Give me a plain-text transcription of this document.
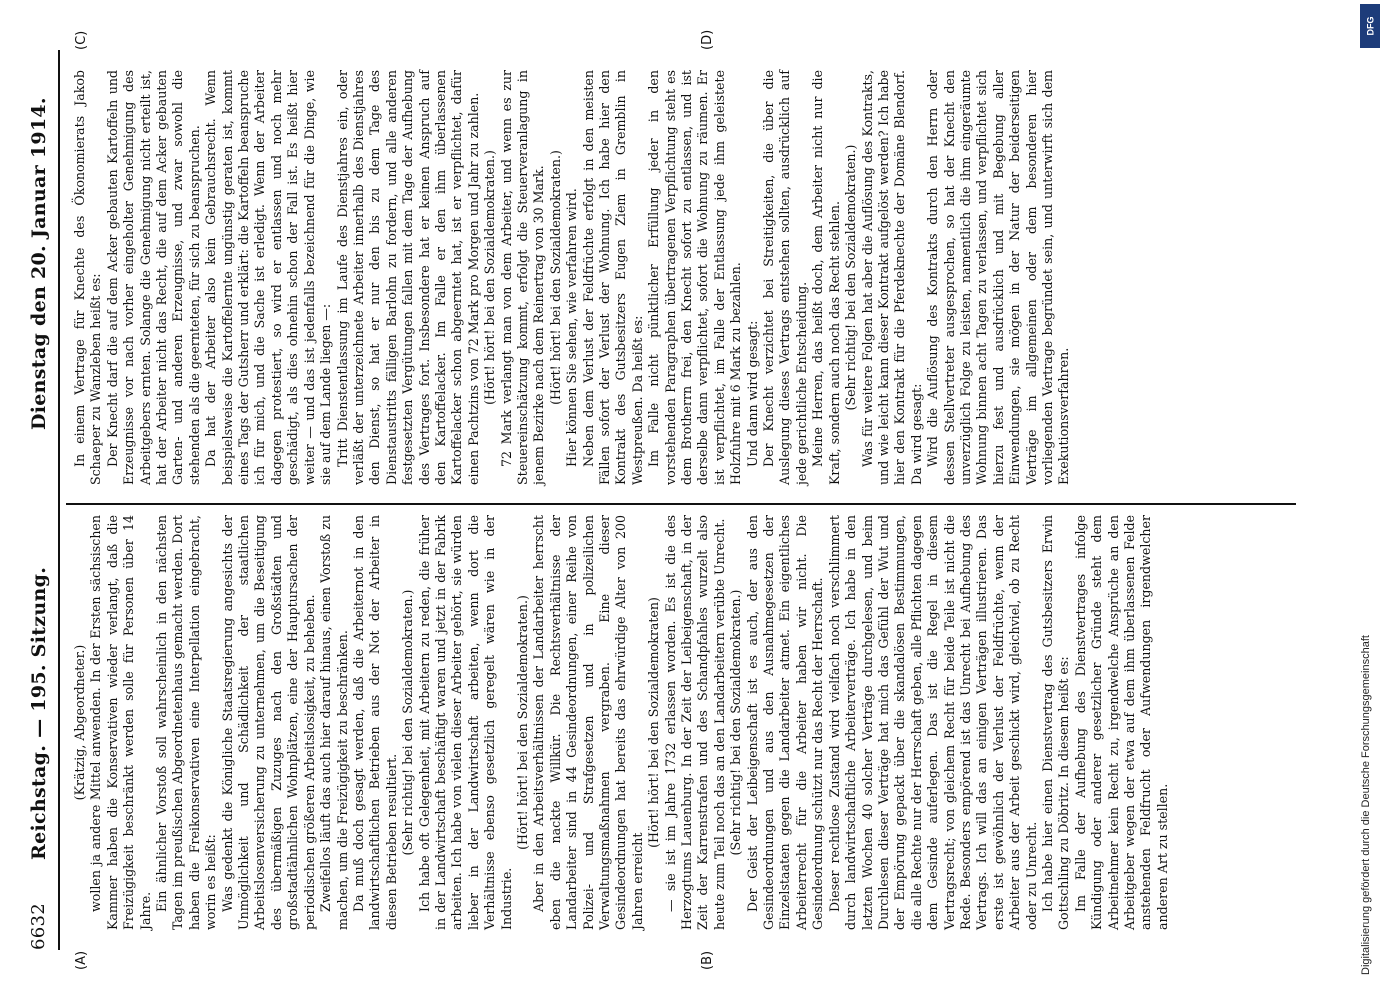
6632
Reichstag. — 195. Sitzung.
Dienstag den 20. Januar 1914.
(A)	(B)
(C)	(D)

(Krätzig, Abgeordneter.) wollen ja andere Mittel anwenden. In der Ersten sächsischen Kammer haben die Konservativen wieder verlangt, daß die Freizügigkeit beschränkt werden solle für Personen über 14 Jahre. Ein ähnlicher Vorstoß soll wahrscheinlich in den nächsten Tagen im preußischen Abgeordnetenhaus gemacht werden. Dort haben die Freikonservativen eine Interpellation eingebracht, worin es heißt: Was gedenkt die Königliche Staatsregierung angesichts der Unmöglichkeit und Schädlichkeit der staatlichen Arbeitslosenversicherung zu unternehmen, um die Beseitigung des übermäßigen Zuzuges nach den Großstädten und großstadtähnlichen Wohnplätzen, eine der Hauptursachen der periodischen größeren Arbeitslosigkeit, zu beheben. Zweifellos läuft das auch hier darauf hinaus, einen Vorstoß zu machen, um die Freizügigkeit zu beschränken. Da muß doch gesagt werden, daß die Arbeiternot in den landwirtschaftlichen Betrieben aus der Not der Arbeiter in diesen Betrieben resultiert. (Sehr richtig! bei den Sozialdemokraten.) Ich habe oft Gelegenheit, mit Arbeitern zu reden, die früher in der Landwirtschaft beschäftigt waren und jetzt in der Fabrik arbeiten. Ich habe von vielen dieser Arbeiter gehört, sie würden lieber in der Landwirtschaft arbeiten, wenn dort die Verhältnisse ebenso gesetzlich geregelt wären wie in der Industrie.

(Hört! hört! bei den Sozialdemokraten.) Aber in den Arbeitsverhältnissen der Landarbeiter herrscht eben die nackte Willkür. Die Rechtsverhältnisse der Landarbeiter sind in 44 Gesindeordnungen, einer Reihe von Polizei- und Strafgesetzen und in polizeilichen Verwaltungsmaßnahmen vergraben. Eine dieser Gesindeordnungen hat bereits das ehrwürdige Alter von 200 Jahren erreicht

(Hört! hört! bei den Sozialdemokraten) — sie ist im Jahre 1732 erlassen worden. Es ist die des Herzogtums Lauenburg. In der Zeit der Leibeigenschaft, in der Zeit der Karrenstrafen und des Schandpfahles wurzelt also heute zum Teil noch das an den Landarbeitern verübte Unrecht. (Sehr richtig! bei den Sozialdemokraten.) Der Geist der Leibeigenschaft ist es auch, der aus den Gesindeordnungen und aus den Ausnahmegesetzen der Einzelstaaten gegen die Landarbeiter atmet. Ein eigentliches Arbeiterrecht für die Arbeiter haben wir nicht. Die Gesindeordnung schützt nur das Recht der Herrschaft. Dieser rechtlose Zustand wird vielfach noch verschlimmert durch landwirtschaftliche Arbeiterverträge. Ich habe in den letzten Wochen 40 solcher Verträge durchgelesen, und beim Durchlesen dieser Verträge hat mich das Gefühl der Wut und der Empörung gepackt über die skandalösen Bestimmungen, die alle Rechte nur der Herrschaft geben, alle Pflichten dagegen dem Gesinde auferlegen. Das ist die Regel in diesem Vertragsrecht; von gleichem Recht für beide Teile ist nicht die Rede. Besonders empörend ist das Unrecht bei Aufhebung des Vertrags. Ich will das an einigen Verträgen illustrieren. Das erste ist gewöhnlich der Verlust der Feldfrüchte, wenn der Arbeiter aus der Arbeit geschickt wird, gleichviel, ob zu Recht oder zu Unrecht. Ich habe hier einen Dienstvertrag des Gutsbesitzers Erwin Gottschling zu Döbritz. In diesem heißt es: Im Falle der Aufhebung des Dienstvertrages infolge Kündigung oder anderer gesetzlicher Gründe steht dem Arbeitnehmer kein Recht zu, irgendwelche Ansprüche an den Arbeitgeber wegen der etwa auf dem ihm überlassenen Felde anstehenden Feldfrucht oder Aufwendungen irgendwelcher anderen Art zu stellen.

In einem Vertrage für Knechte des Ökonomierats Jakob Schaeper zu Wanzleben heißt es: Der Knecht darf die auf dem Acker gebauten Kartoffeln und Erzeugnisse vor nach vorher eingeholter Genehmigung des Arbeitgebers ernten. Solange die Genehmigung nicht erteilt ist, hat der Arbeiter nicht das Recht, die auf dem Acker gebauten Garten- und anderen Erzeugnisse, und zwar sowohl die stehenden als die geernteten, für sich zu beanspruchen. Da hat der Arbeiter also kein Gebrauchsrecht. Wenn beispielsweise die Kartoffelernte ungünstig geraten ist, kommt eines Tags der Gutsherr und erklärt: die Kartoffeln beanspruche ich für mich, und die Sache ist erledigt. Wenn der Arbeiter dagegen protestiert, so wird er entlassen und noch mehr geschädigt, als dies ohnehin schon der Fall ist. Es heißt hier weiter — und das ist jedenfalls bezeichnend für die Dinge, wie sie auf dem Lande liegen —: Tritt Dienstentlassung im Laufe des Dienstjahres ein, oder verläßt der unterzeichnete Arbeiter innerhalb des Dienstjahres den Dienst, so hat er nur den bis zu dem Tage des Dienstaustritts fälligen Barlohn zu fordern, und alle anderen festgesetzten Vergütungen fallen mit dem Tage der Aufhebung des Vertrages fort. Insbesondere hat er keinen Anspruch auf den Kartoffelacker. Im Falle er den ihm überlassenen Kartoffelacker schon abgeerntet hat, ist er verpflichtet, dafür einen Pachtzins von 72 Mark pro Morgen und Jahr zu zahlen. (Hört! hört! bei den Sozialdemokraten.) 72 Mark verlangt man von dem Arbeiter, und wenn es zur Steuereinschätzung kommt, erfolgt die Steuerveranlagung in jenem Bezirke nach dem Reinertrag von 30 Mark. (Hört! hört! bei den Sozialdemokraten.) Hier können Sie sehen, wie verfahren wird. Neben dem Verlust der Feldfrüchte erfolgt in den meisten Fällen sofort der Verlust der Wohnung. Ich habe hier den Kontrakt des Gutsbesitzers Eugen Ziem in Gremblin in Westpreußen. Da heißt es: Im Falle nicht pünktlicher Erfüllung jeder in den vorstehenden Paragraphen übertragenen Verpflichtung steht es dem Brotherrn frei, den Knecht sofort zu entlassen, und ist derselbe dann verpflichtet, sofort die Wohnung zu räumen. Er ist verpflichtet, im Falle der Entlassung jede ihm geleistete Holzfuhre mit 6 Mark zu bezahlen. Und dann wird gesagt: Der Knecht verzichtet bei Streitigkeiten, die über die Auslegung dieses Vertrags entstehen sollten, ausdrücklich auf jede gerichtliche Entscheidung. Meine Herren, das heißt doch, dem Arbeiter nicht nur die Kraft, sondern auch noch das Recht stehlen. (Sehr richtig! bei den Sozialdemokraten.) Was für weitere Folgen hat aber die Auflösung des Kontrakts, und wie leicht kann dieser Kontrakt aufgelöst werden? Ich habe hier den Kontrakt für die Pferdeknechte der Domäne Blendorf. Da wird gesagt: Wird die Auflösung des Kontrakts durch den Herrn oder dessen Stellvertreter ausgesprochen, so hat der Knecht den unverzüglich Folge zu leisten, namentlich die ihm eingeräumte Wohnung binnen acht Tagen zu verlassen, und verpflichtet sich hierzu fest und ausdrücklich und mit Begebung aller Einwendungen, sie mögen in der Natur der beiderseitigen Verträge im allgemeinen oder dem besonderen hier vorliegenden Vertrage begründet sein, und unterwirft sich dem Exekutionsverfahren.

DFG
Digitalisierung gefördert durch die Deutsche Forschungsgemeinschaft
